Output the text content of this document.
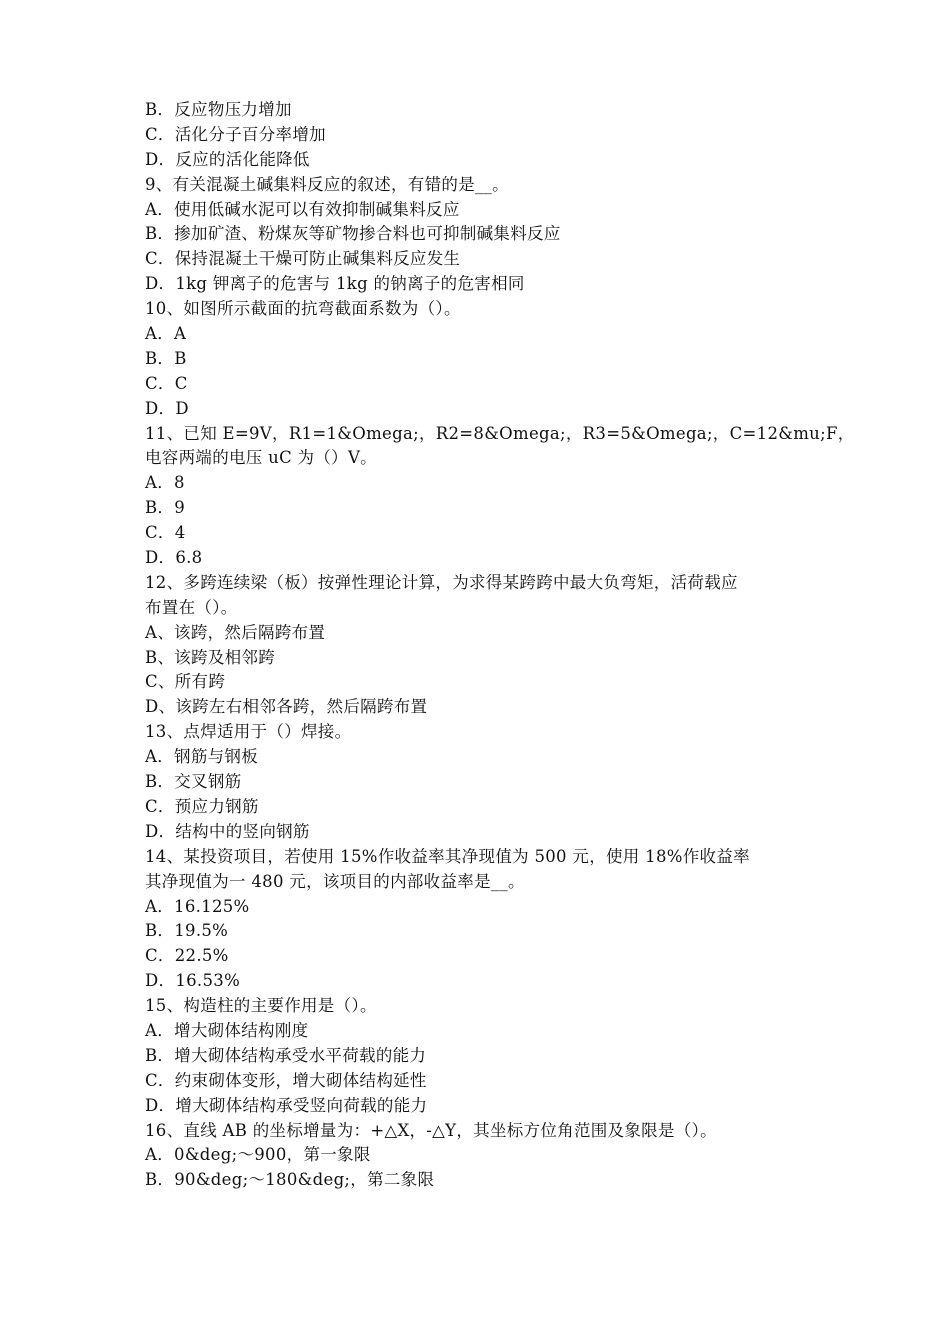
B．反应物压力增加
C．活化分子百分率增加
D．反应的活化能降低
9、有关混凝土碱集料反应的叙述，有错的是__。
A．使用低碱水泥可以有效抑制碱集料反应
B．掺加矿渣、粉煤灰等矿物掺合料也可抑制碱集料反应
C．保持混凝土干燥可防止碱集料反应发生
D．1kg 钾离子的危害与 1kg 的钠离子的危害相同
10、如图所示截面的抗弯截面系数为（）。
A．A
B．B
C．C
D．D
11、已知 E=9V，R1=1&Omega;，R2=8&Omega;，R3=5&Omega;，C=12&mu;F，
电容两端的电压 uC 为（）V。
A．8
B．9
C．4
D．6.8
12、多跨连续梁（板）按弹性理论计算，为求得某跨跨中最大负弯矩，活荷载应
布置在（）。
A、该跨，然后隔跨布置
B、该跨及相邻跨
C、所有跨
D、该跨左右相邻各跨，然后隔跨布置
13、点焊适用于（）焊接。
A．钢筋与钢板
B．交叉钢筋
C．预应力钢筋
D．结构中的竖向钢筋
14、某投资项目，若使用 15%作收益率其净现值为 500 元，使用 18%作收益率
其净现值为一 480 元，该项目的内部收益率是__。
A．16.125%
B．19.5%
C．22.5%
D．16.53%
15、构造柱的主要作用是（）。
A．增大砌体结构刚度
B．增大砌体结构承受水平荷载的能力
C．约束砌体变形，增大砌体结构延性
D．增大砌体结构承受竖向荷载的能力
16、直线 AB 的坐标增量为：+△X，-△Y，其坐标方位角范围及象限是（）。
A．0&deg;～900，第一象限
B．90&deg;～180&deg;，第二象限
